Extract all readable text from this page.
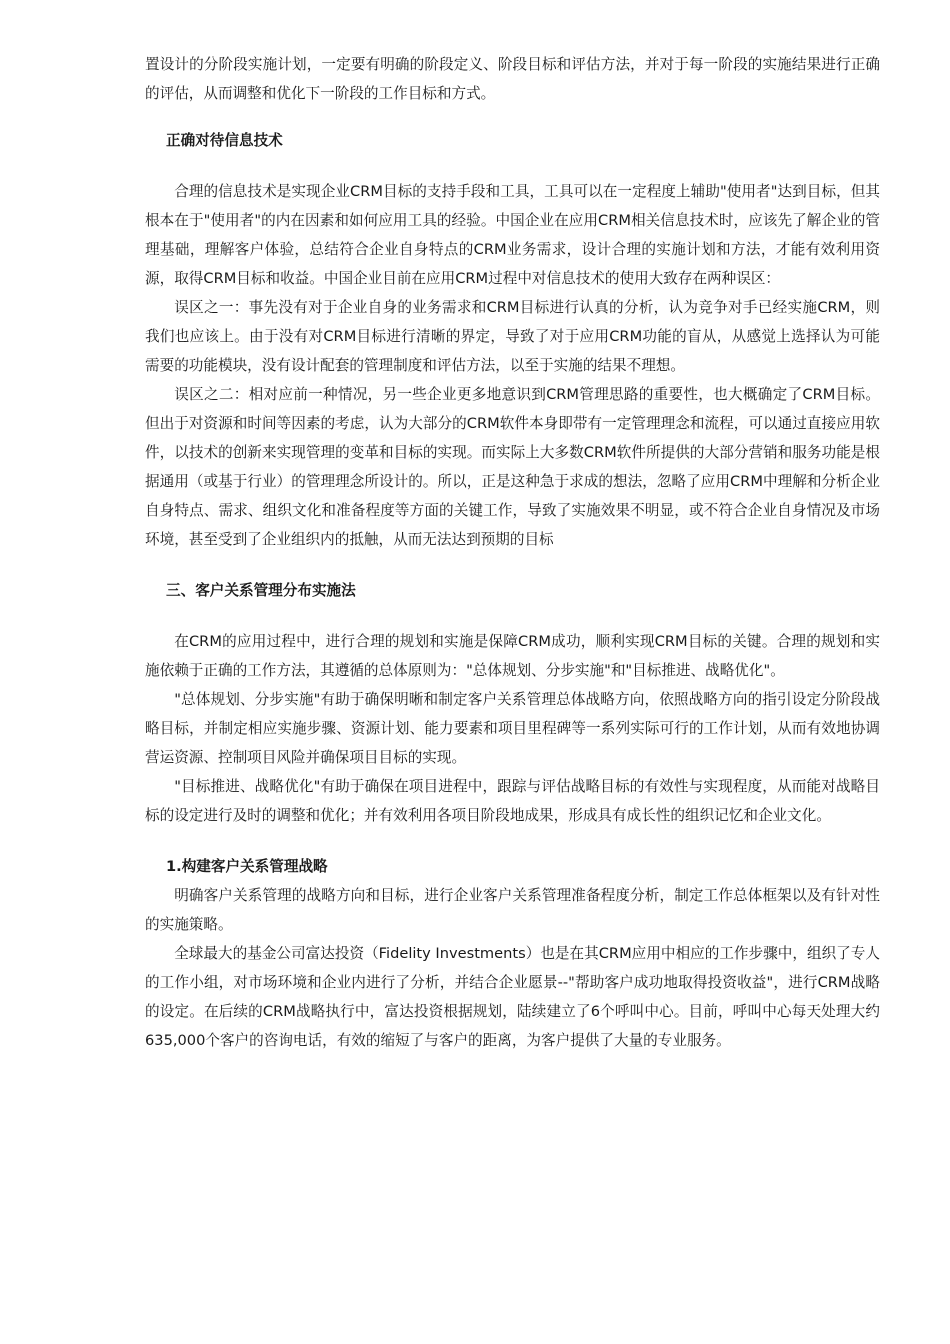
置设计的分阶段实施计划，一定要有明确的阶段定义、阶段目标和评估方法，并对于每一阶段的实施结果进行正确的评估，从而调整和优化下一阶段的工作目标和方式。

正确对待信息技术

合理的信息技术是实现企业CRM目标的支持手段和工具，工具可以在一定程度上辅助"使用者"达到目标，但其根本在于"使用者"的内在因素和如何应用工具的经验。中国企业在应用CRM相关信息技术时，应该先了解企业的管理基础，理解客户体验，总结符合企业自身特点的CRM业务需求，设计合理的实施计划和方法，才能有效利用资源，取得CRM目标和收益。中国企业目前在应用CRM过程中对信息技术的使用大致存在两种误区：

误区之一：事先没有对于企业自身的业务需求和CRM目标进行认真的分析，认为竞争对手已经实施CRM，则我们也应该上。由于没有对CRM目标进行清晰的界定，导致了对于应用CRM功能的盲从，从感觉上选择认为可能需要的功能模块，没有设计配套的管理制度和评估方法，以至于实施的结果不理想。

误区之二：相对应前一种情况，另一些企业更多地意识到CRM管理思路的重要性，也大概确定了CRM目标。但出于对资源和时间等因素的考虑，认为大部分的CRM软件本身即带有一定管理理念和流程，可以通过直接应用软件，以技术的创新来实现管理的变革和目标的实现。而实际上大多数CRM软件所提供的大部分营销和服务功能是根据通用（或基于行业）的管理理念所设计的。所以，正是这种急于求成的想法，忽略了应用CRM中理解和分析企业自身特点、需求、组织文化和准备程度等方面的关键工作，导致了实施效果不明显，或不符合企业自身情况及市场环境，甚至受到了企业组织内的抵触，从而无法达到预期的目标

三、客户关系管理分布实施法

在CRM的应用过程中，进行合理的规划和实施是保障CRM成功，顺利实现CRM目标的关键。合理的规划和实施依赖于正确的工作方法，其遵循的总体原则为："总体规划、分步实施"和"目标推进、战略优化"。

"总体规划、分步实施"有助于确保明晰和制定客户关系管理总体战略方向，依照战略方向的指引设定分阶段战略目标，并制定相应实施步骤、资源计划、能力要素和项目里程碑等一系列实际可行的工作计划，从而有效地协调营运资源、控制项目风险并确保项目目标的实现。

"目标推进、战略优化"有助于确保在项目进程中，跟踪与评估战略目标的有效性与实现程度，从而能对战略目标的设定进行及时的调整和优化；并有效利用各项目阶段地成果，形成具有成长性的组织记忆和企业文化。

1.构建客户关系管理战略

明确客户关系管理的战略方向和目标，进行企业客户关系管理准备程度分析，制定工作总体框架以及有针对性的实施策略。

全球最大的基金公司富达投资（Fidelity Investments）也是在其CRM应用中相应的工作步骤中，组织了专人的工作小组，对市场环境和企业内进行了分析，并结合企业愿景--"帮助客户成功地取得投资收益"，进行CRM战略的设定。在后续的CRM战略执行中，富达投资根据规划，陆续建立了6个呼叫中心。目前，呼叫中心每天处理大约635,000个客户的咨询电话，有效的缩短了与客户的距离，为客户提供了大量的专业服务。
